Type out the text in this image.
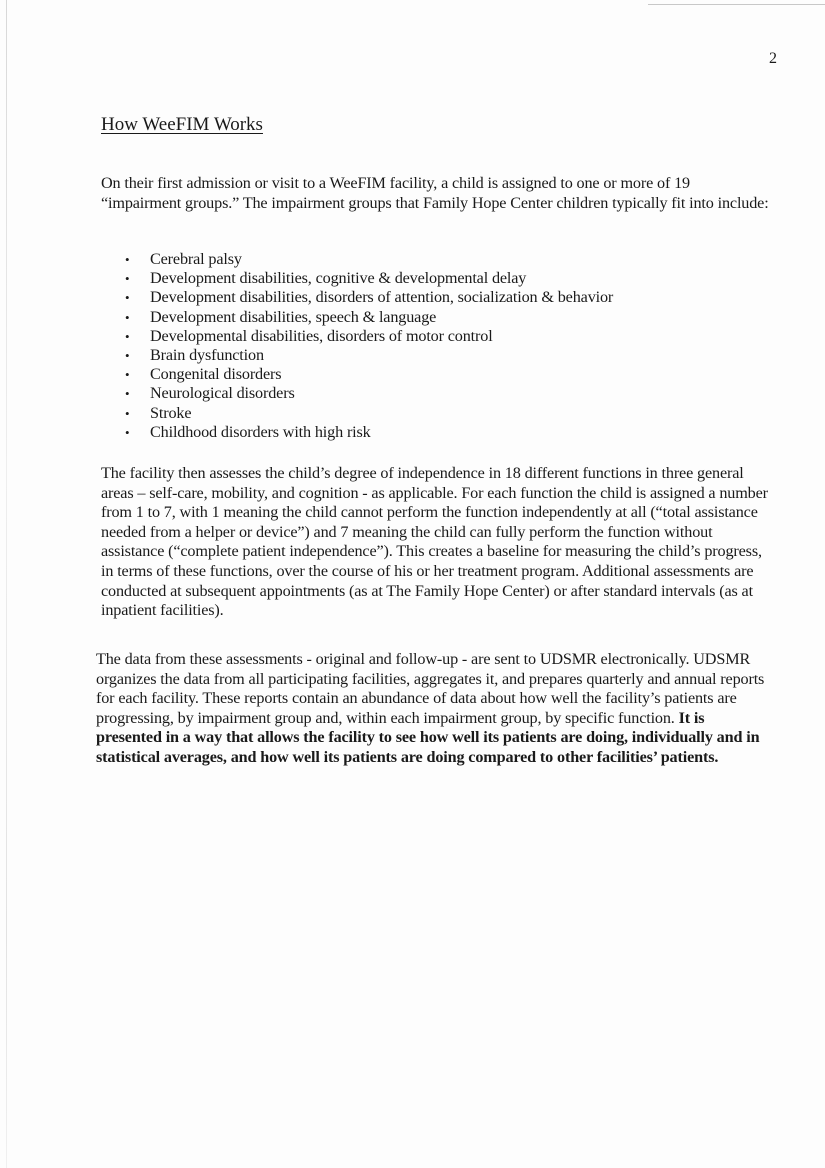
2
How WeeFIM Works
On their first admission or visit to a WeeFIM facility, a child is assigned to one or more of 19 “impairment groups.” The impairment groups that Family Hope Center children typically fit into include:
• Cerebral palsy
• Development disabilities, cognitive & developmental delay
• Development disabilities, disorders of attention, socialization & behavior
• Development disabilities, speech & language
• Developmental disabilities, disorders of motor control
• Brain dysfunction
• Congenital disorders
• Neurological disorders
• Stroke
• Childhood disorders with high risk
The facility then assesses the child’s degree of independence in 18 different functions in three general areas – self-care, mobility, and cognition - as applicable. For each function the child is assigned a number from 1 to 7, with 1 meaning the child cannot perform the function independently at all (“total assistance needed from a helper or device”) and 7 meaning the child can fully perform the function without assistance (“complete patient independence”). This creates a baseline for measuring the child’s progress, in terms of these functions, over the course of his or her treatment program. Additional assessments are conducted at subsequent appointments (as at The Family Hope Center) or after standard intervals (as at inpatient facilities).
The data from these assessments - original and follow-up - are sent to UDSMR electronically. UDSMR organizes the data from all participating facilities, aggregates it, and prepares quarterly and annual reports for each facility. These reports contain an abundance of data about how well the facility’s patients are progressing, by impairment group and, within each impairment group, by specific function. It is presented in a way that allows the facility to see how well its patients are doing, individually and in statistical averages, and how well its patients are doing compared to other facilities’ patients.
